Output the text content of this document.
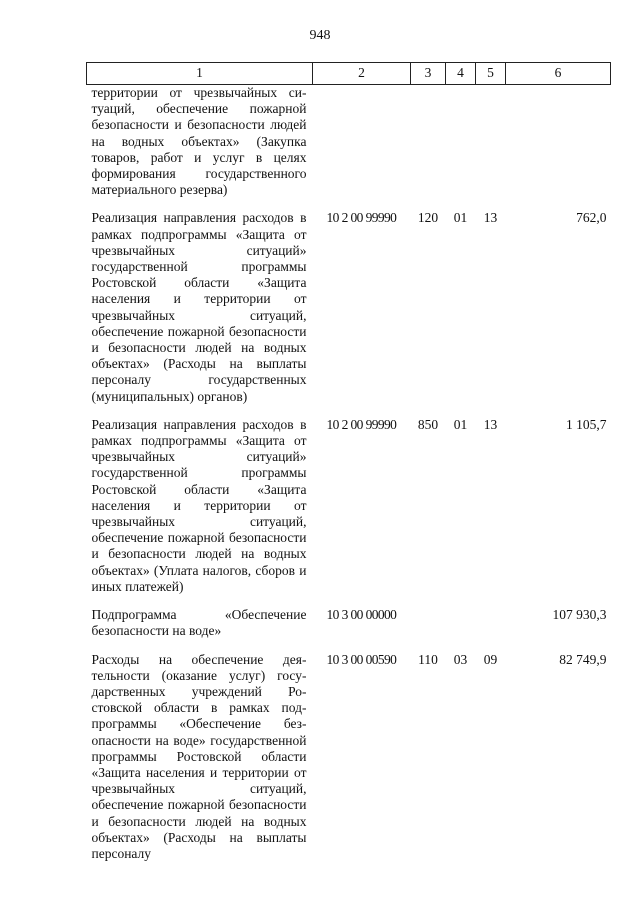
948
1	2	3	4	5	6
территории от чрезвычайных ситуаций, обеспечение пожарной безопасности и безопасности людей на водных объектах» (Закупка товаров, работ и услуг в целях формирования государственного материального резерва)					
Реализация направления расходов в рамках подпрограммы «Защита от чрезвычайных ситуаций» государственной программы Ростовской области «Защита населения и территории от чрезвычайных ситуаций, обеспечение пожарной безопасности и безопасности людей на водных объектах» (Расходы на выплаты персоналу государственных (муниципальных) органов)	10 2 00 99990	120	01	13	762,0
Реализация направления расходов в рамках подпрограммы «Защита от чрезвычайных ситуаций» государственной программы Ростовской области «Защита населения и территории от чрезвычайных ситуаций, обеспечение пожарной безопасности и безопасности людей на водных объектах» (Уплата налогов, сборов и иных платежей)	10 2 00 99990	850	01	13	1 105,7
Подпрограмма «Обеспечение безопасности на воде»	10 3 00 00000				107 930,3
Расходы на обеспечение деятельности (оказание услуг) государственных учреждений Ростовской области в рамках подпрограммы «Обеспечение безопасности на воде» государственной программы Ростовской области «Защита населения и территории от чрезвычайных ситуаций, обеспечение пожарной безопасности и безопасности людей на водных объектах» (Расходы на выплаты персоналу	10 3 00 00590	110	03	09	82 749,9
